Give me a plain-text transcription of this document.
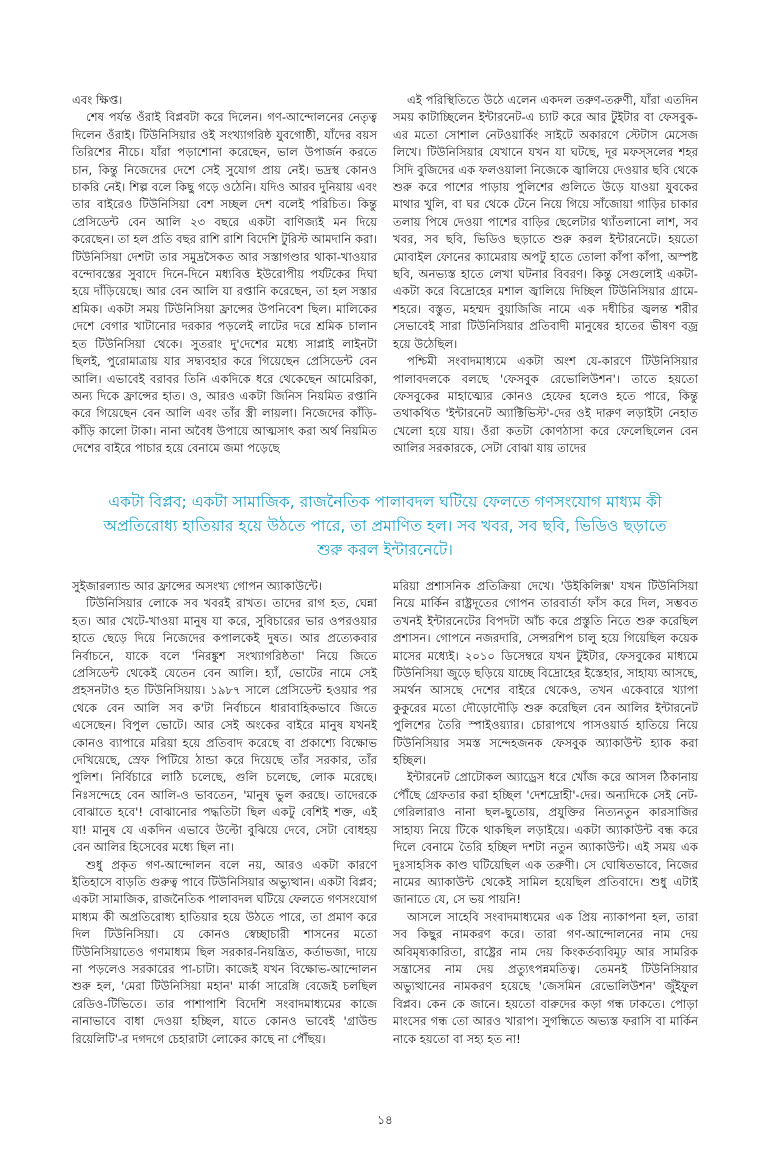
এবং ক্ষিপ্ত।

শেষ পর্যন্ত ওঁরাই বিপ্লবটা করে দিলেন। গণ-আন্দোলনের নেতৃত্ব দিলেন ওঁরাই। টিউনিসিয়ার ওই সংখ্যাগরিষ্ঠ যুবগোষ্ঠী, যাঁদের বয়স তিরিশের নীচে। যাঁরা পড়াশোনা করেছেন, ভাল উপার্জন করতে চান, কিন্তু নিজেদের দেশে সেই সুযোগ প্রায় নেই। ভদ্রস্থ কোনও চাকরি নেই। শিল্প বলে কিছু গড়ে ওঠেনি। যদিও আরব দুনিয়ায় এবং তার বাইরেও টিউনিসিয়া বেশ সচ্ছল দেশ বলেই পরিচিত। কিন্তু প্রেসিডেন্ট বেন আলি ২৩ বছরে একটা বাণিজ্যই মন দিয়ে করেছেন। তা হল প্রতি বছর রাশি রাশি বিদেশি টুরিস্ট আমদানি করা। টিউনিসিয়া দেশটা তার সমুদ্রসৈকত আর সস্তাগণ্ডার থাকা-খাওয়ার বন্দোবস্তের সুবাদে দিনে-দিনে মধ্যবিত্ত ইউরোপীয় পর্যটকের দিঘা হয়ে দাঁড়িয়েছে। আর বেন আলি যা রপ্তানি করেছেন, তা হল সস্তার শ্রমিক। একটা সময় টিউনিসিয়া ফ্রান্সের উপনিবেশ ছিল। মালিকের দেশে বেগার খাটানোর দরকার পড়লেই লাটের দরে শ্রমিক চালান হত টিউনিসিয়া থেকে। সুতরাং দু'দেশের মধ্যে সাপ্লাই লাইনটা ছিলই, পুরোমাত্রায় যার সদ্ব্যবহার করে গিয়েছেন প্রেসিডেন্ট বেন আলি। এভাবেই বরাবর তিনি একদিকে ধরে থেকেছেন আমেরিকা, অন্য দিকে ফ্রান্সের হাত। ও, আরও একটা জিনিস নিয়মিত রপ্তানি করে গিয়েছেন বেন আলি এবং তাঁর স্ত্রী লায়লা। নিজেদের কাঁড়ি-কাঁড়ি কালো টাকা। নানা অবৈধ উপায়ে আত্মসাৎ করা অর্থ নিয়মিত দেশের বাইরে পাচার হয়ে বেনামে জমা পড়েছে

এই পরিস্থিতিতে উঠে এলেন একদল তরুণ-তরুণী, যাঁরা এতদিন সময় কাটাচ্ছিলেন ইন্টারনেট-এ চ্যাট করে আর টুইটার বা ফেসবুক-এর মতো সোশাল নেটওয়ার্কিং সাইটে অকারণে স্টেটাস মেসেজ লিখে। টিউনিসিয়ার যেখানে যখন যা ঘটছে, দূর মফস্সলের শহর সিদি বুজিদের এক ফলওয়ালা নিজেকে জ্বালিয়ে দেওয়ার ছবি থেকে শুরু করে পাশের পাড়ায় পুলিশের গুলিতে উড়ে যাওয়া যুবকের মাথার খুলি, বা ঘর থেকে টেনে নিয়ে গিয়ে সাঁজোয়া গাড়ির চাকার তলায় পিষে দেওয়া পাশের বাড়ির ছেলেটার থ্যাঁতলানো লাশ, সব খবর, সব ছবি, ভিডিও ছড়াতে শুরু করল ইন্টারনেটে। হয়তো মোবাইল ফোনের ক্যামেরায় অপটু হাতে তোলা কাঁপা কাঁপা, অস্পষ্ট ছবি, অনভ্যস্ত হাতে লেখা ঘটনার বিবরণ। কিন্তু সেগুলোই একটা-একটা করে বিদ্রোহের মশাল জ্বালিয়ে দিচ্ছিল টিউনিসিয়ার গ্রামে-শহরে। বস্তুত, মহম্মদ বুয়াজিজি নামে এক দধীচির জ্বলন্ত শরীর সেভাবেই সারা টিউনিসিয়ার প্রতিবাদী মানুষের হাতের ভীষণ বজ্র হয়ে উঠেছিল।

পশ্চিমী সংবাদমাধ্যমে একটা অংশ যে-কারণে টিউনিসিয়ার পালাবদলকে বলছে 'ফেসবুক রেভোলিউশন'। তাতে হয়তো ফেসবুকের মাহাত্ম্যের কোনও হেফের হলেও হতে পারে, কিন্তু তথাকথিত 'ইন্টারনেট অ্যাক্টিভিস্ট'-দের ওই দারুণ লড়াইটা নেহাত খেলো হয়ে যায়। ওঁরা কতটা কোণঠাসা করে ফেলেছিলেন বেন আলির সরকারকে, সেটা বোঝা যায় তাদের

একটা বিপ্লব; একটা সামাজিক, রাজনৈতিক পালাবদল ঘটিয়ে ফেলতে গণসংযোগ মাধ্যম কী অপ্রতিরোধ্য হাতিয়ার হয়ে উঠতে পারে, তা প্রমাণিত হল। সব খবর, সব ছবি, ভিডিও ছড়াতে শুরু করল ইন্টারনেটে।

সুইজারল্যান্ড আর ফ্রান্সের অসংখ্য গোপন অ্যাকাউন্টে।

টিউনিসিয়ার লোকে সব খবরই রাখত। তাদের রাগ হত, ঘেন্না হত। আর খেটে-খাওয়া মানুষ যা করে, সুবিচারের ভার ওপরওয়ার হাতে ছেড়ে দিয়ে নিজেদের কপালকেই দুষত। আর প্রত্যেকবার নির্বাচনে, যাকে বলে 'নিরঙ্কুশ সংখ্যাগরিষ্ঠতা' নিয়ে জিতে প্রেসিডেন্ট থেকেই যেতেন বেন আলি। হ্যাঁ, ভোটের নামে সেই প্রহসনটাও হত টিউনিসিয়ায়। ১৯৮৭ সালে প্রেসিডেন্ট হওয়ার পর থেকে বেন আলি সব ক'টা নির্বাচনে ধারাবাহিকভাবে জিতে এসেছেন। বিপুল ভোটে। আর সেই অংকের বাইরে মানুষ যখনই কোনও ব্যাপারে মরিয়া হয়ে প্রতিবাদ করেছে বা প্রকাশ্যে বিক্ষোভ দেখিয়েছে, স্রেফ পিটিয়ে ঠান্ডা করে দিয়েছে তাঁর সরকার, তাঁর পুলিশ। নির্বিচারে লাঠি চলেছে, গুলি চলেছে, লোক মরেছে। নিঃসন্দেহে বেন আলি-ও ভাবতেন, 'মানুষ ভুল করছে। তাদেরকে বোঝাতে হবে'! বোঝানোর পদ্ধতিটা ছিল একটু বেশিই শক্ত, এই যা! মানুষ যে একদিন এভাবে উল্টো বুঝিয়ে দেবে, সেটা বোধহয় বেন আলির হিসেবের মধ্যে ছিল না।

শুধু প্রকৃত গণ-আন্দোলন বলে নয়, আরও একটা কারণে ইতিহাসে বাড়তি গুরুত্ব পাবে টিউনিসিয়ার অভ্যুত্থান। একটা বিপ্লব; একটা সামাজিক, রাজনৈতিক পালাবদল ঘটিয়ে ফেলতে গণসংযোগ মাধ্যম কী অপ্রতিরোধ্য হাতিয়ার হয়ে উঠতে পারে, তা প্রমাণ করে দিল টিউনিসিয়া। যে কোনও স্বেচ্ছাচারী শাসনের মতো টিউনিসিয়াতেও গণমাধ্যম ছিল সরকার-নিয়ন্ত্রিত, কর্তাভজা, দায়ে না পড়লেও সরকারের পা-চাটা। কাজেই যখন বিক্ষোভ-আন্দোলন শুরু হল, 'মেরা টিউনিসিয়া মহান' মার্কা সারেঙ্গি বেজেই চলছিল রেডিও-টিভিতে। তার পাশাপাশি বিদেশি সংবাদমাধ্যমের কাজে নানাভাবে বাধা দেওয়া হচ্ছিল, যাতে কোনও ভাবেই 'গ্রাউন্ড রিয়েলিটি'-র দগদগে চেহারাটা লোকের কাছে না পৌঁছয়।

মরিয়া প্রশাসনিক প্রতিক্রিয়া দেখে। 'উইকিলিক্স' যখন টিউনিসিয়া নিয়ে মার্কিন রাষ্ট্রদূতের গোপন তারবার্তা ফাঁস করে দিল, সম্ভবত তখনই ইন্টারনেটের বিপদটা আঁচ করে প্রস্তুতি নিতে শুরু করেছিল প্রশাসন। গোপনে নজরদারি, সেন্সরশিপ চালু হয়ে গিয়েছিল কয়েক মাসের মধ্যেই। ২০১০ ডিসেম্বরে যখন টুইটার, ফেসবুকের মাধ্যমে টিউনিসিয়া জুড়ে ছড়িয়ে যাচ্ছে বিদ্রোহের ইস্তেহার, সাহায্য আসছে, সমর্থন আসছে দেশের বাইরে থেকেও, তখন একেবারে খ্যাপা কুকুরের মতো দৌড়োদৌড়ি শুরু করেছিল বেন আলির ইন্টারনেট পুলিশের তৈরি স্পাইওয়্যার। চোরাপথে পাসওয়ার্ড হাতিয়ে নিয়ে টিউনিসিয়ার সমস্ত সন্দেহজনক ফেসবুক অ্যাকাউন্ট হ্যাক করা হচ্ছিল।

ইন্টারনেট প্রোটোকল অ্যাড্রেস ধরে খোঁজ করে আসল ঠিকানায় পৌঁছে গ্রেফতার করা হচ্ছিল 'দেশদ্রোহী'-দের। অন্যদিকে সেই নেট-গেরিলারাও নানা ছল-ছুতোয়, প্রযুক্তির নিত্যনতুন কারসাজির সাহায্য নিয়ে টিকে থাকছিল লড়াইয়ে। একটা অ্যাকাউন্ট বন্ধ করে দিলে বেনামে তৈরি হচ্ছিল দশটা নতুন অ্যাকাউন্ট। এই সময় এক দুঃসাহসিক কাণ্ড ঘটিয়েছিল এক তরুণী। সে ঘোষিতভাবে, নিজের নামের অ্যাকাউন্ট থেকেই সামিল হয়েছিল প্রতিবাদে। শুধু এটাই জানাতে যে, সে ভয় পায়নি!

আসলে সাহেবি সংবাদমাধ্যমের এক প্রিয় ন্যাকাপনা হল, তারা সব কিছুর নামকরণ করে। তারা গণ-আন্দোলনের নাম দেয় অবিমৃষ্যকারিতা, রাষ্ট্রের নাম দেয় কিংকর্তব্যবিমূঢ় আর সামরিক সন্ত্রাসের নাম দেয় প্রত্যুৎপন্নমতিত্ব। তেমনই টিউনিসিয়ার অভ্যুত্থানের নামকরণ হয়েছে 'জেসমিন রেভোলিউশন' জুঁইফুল বিপ্লব। কেন কে জানে। হয়তো বারুদের কড়া গন্ধ ঢাকতে। পোড়া মাংসের গন্ধ তো আরও খারাপ। সুগন্ধিতে অভ্যস্ত ফরাসি বা মার্কিন নাকে হয়তো বা সহ্য হত না!

১৪
